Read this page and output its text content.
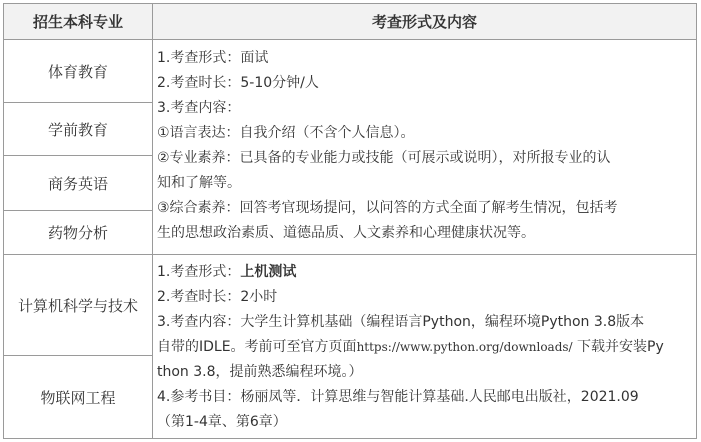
招生本科专业	考查形式及内容
体育教育
学前教育
商务英语
药物分析
1.考查形式：面试
2.考查时长：5-10分钟/人
3.考查内容：
①语言表达：自我介绍（不含个人信息）。
②专业素养：已具备的专业能力或技能（可展示或说明），对所报专业的认
知和了解等。
③综合素养：回答考官现场提问，以问答的方式全面了解考生情况，包括考
生的思想政治素质、道德品质、人文素养和心理健康状况等。
计算机科学与技术
物联网工程
1.考查形式：上机测试
2.考查时长：2小时
3.考查内容：大学生计算机基础（编程语言Python，编程环境Python 3.8版本
自带的IDLE。考前可至官方页面https://www.python.org/downloads/ 下载并安装Py
thon 3.8，提前熟悉编程环境。）
4.参考书目：杨丽凤等．计算思维与智能计算基础.人民邮电出版社，2021.09
（第1-4章、第6章）
